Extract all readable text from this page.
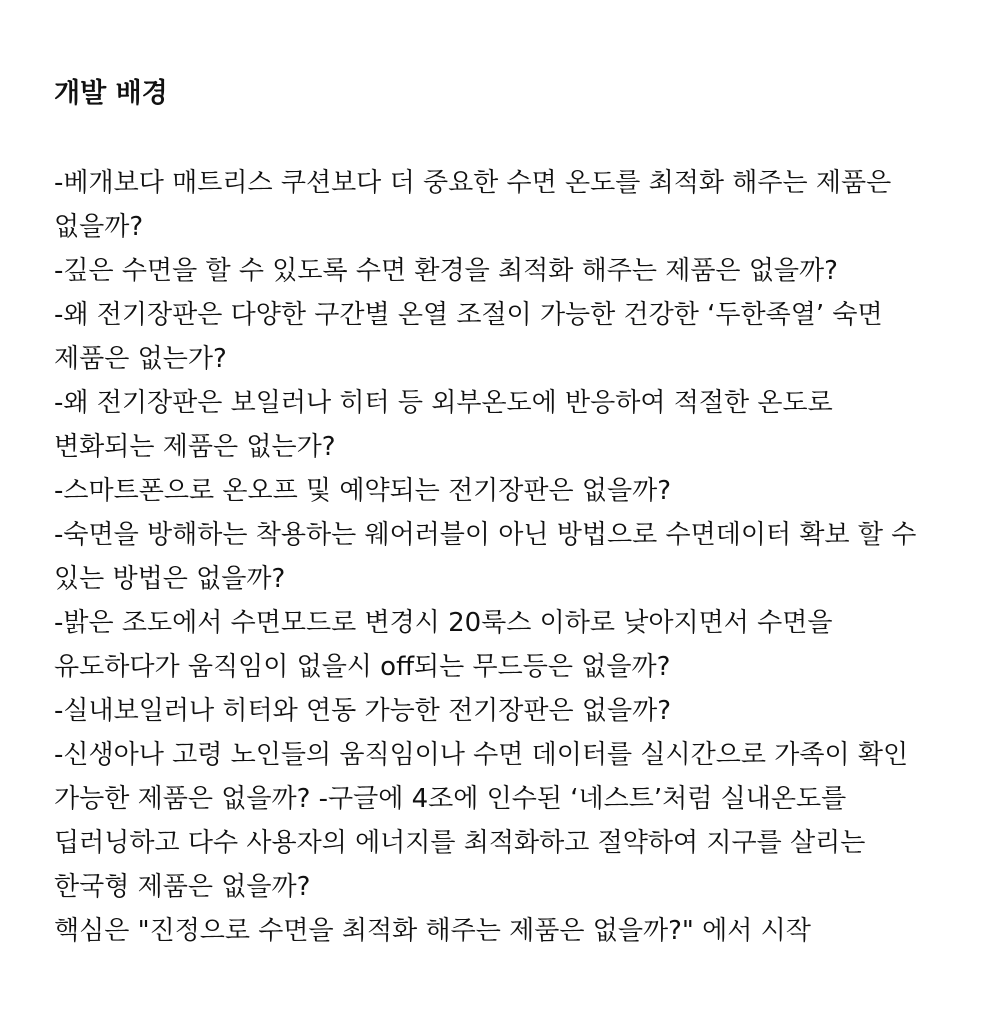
개발 배경

-베개보다 매트리스 쿠션보다 더 중요한 수면 온도를 최적화 해주는 제품은

없을까?

-깊은 수면을 할 수 있도록 수면 환경을 최적화 해주는 제품은 없을까?

-왜 전기장판은 다양한 구간별 온열 조절이 가능한 건강한 ‘두한족열’ 숙면

제품은 없는가?

-왜 전기장판은 보일러나 히터 등 외부온도에 반응하여 적절한 온도로

변화되는 제품은 없는가?

-스마트폰으로 온오프 및 예약되는 전기장판은 없을까?

-숙면을 방해하는 착용하는 웨어러블이 아닌 방법으로 수면데이터 확보 할 수

있는 방법은 없을까?

-밝은 조도에서 수면모드로 변경시 20룩스 이하로 낮아지면서 수면을

유도하다가 움직임이 없을시 off되는 무드등은 없을까?

-실내보일러나 히터와 연동 가능한 전기장판은 없을까?

-신생아나 고령 노인들의 움직임이나 수면 데이터를 실시간으로 가족이 확인

가능한 제품은 없을까? -구글에 4조에 인수된 ‘네스트’처럼 실내온도를

딥러닝하고 다수 사용자의 에너지를 최적화하고 절약하여 지구를 살리는

한국형 제품은 없을까?

핵심은 "진정으로 수면을 최적화 해주는 제품은 없을까?" 에서 시작
